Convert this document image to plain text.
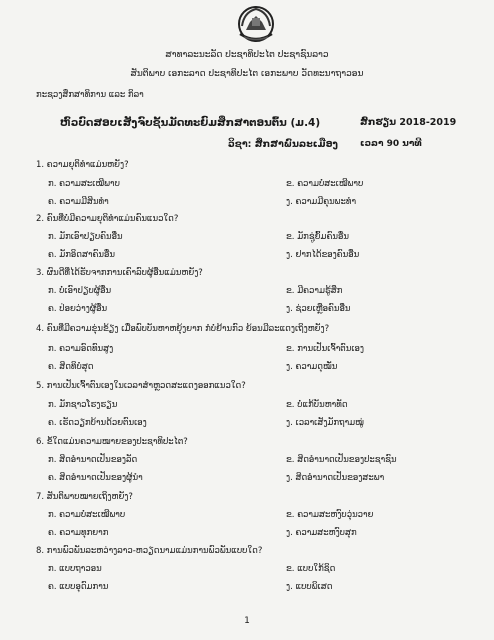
ສາທາລະນະລັດ ປະຊາທິປະໄຕ ປະຊາຊົນລາວ
ສັນຕິພາບ ເອກະລາດ ປະຊາທິປະໄຕ ເອກະພາບ ວັດທະນາຖາວອນ
ກະຊວງສຶກສາທິການ ແລະ ກິລາ
ຫົວບົດສອບເສັງຈົບຊັ້ນມັດທະຍົມສຶກສາຕອນຕົ້ນ (ມ.4)	ສົກຮຽນ 2018-2019
ວິຊາ: ສຶກສາພົນລະເມືອງ ເວລາ 90 ນາທີ
1. ຄວາມຍຸຕິທຳແມ່ນຫຍັງ?
ກ. ຄວາມສະເໝີພາບ	ຂ. ຄວາມບໍ່ສະເໝີພາບ
ຄ. ຄວາມມີສິນທຳ	ງ. ຄວາມມີຄຸນພະທຳ
2. ຄົນທີ່ບໍ່ມີຄວາມຍຸຕິທຳແມ່ນຄົນແນວໃດ?
ກ. ມັກເອົາປຽບຄົນອື່ນ	ຂ. ມັກຊູ່ຍົ້ມຄົນອື່ນ
ຄ. ມັກອິດສາຄົນອື່ນ	ງ. ຢາກໄດ້ຂອງຄົນອື່ນ
3. ຜົນດີທີ່ໄດ້ຮັບຈາກການເຄົາລົບຜູ້ອື່ນແມ່ນຫຍັງ?
ກ. ບໍ່ເອົາປຽບຜູ້ອື່ນ	ຂ. ມີຄວາມຮູ້ສຶກ
ຄ. ປ່ອຍວ່າງຜູ້ອື່ນ	ງ. ຊ່ວຍເຫຼືອຄົນອື່ນ
4. ຄົນທີ່ມີຄວາມຂຸ່ນຂ້ຽງ ເມື່ອພົບບັນຫາຫຍຸ້ງຍາກ ກໍບໍ່ຢ້ານກົວ ຍ້ອນມີລະແດງເຖິງຫຍັງ?
ກ. ຄວາມອົດທົນສູງ	ຂ. ການເປັນເຈົ້າຕົນເອງ
ຄ. ສິດທິບໍ່ສຸດ	ງ. ຄວາມດຸໝັ່ນ
5. ການເປັນເຈົ້າຕົນເອງໃນເວລາສຳຫຼວດສະແດງອອກແນວໃດ?
ກ. ມັກຊາວໂຮງຮຽນ	ຂ. ບໍ່ແກ້ບັນຫາທັດ
ຄ. ເຮັດວຽກບ້ານດ້ວຍຕົນເອງ	ງ. ເວລາເສັງມັກຖາມໝູ່
6. ຂໍ້ໃດແມ່ນຄວາມໝາຍຂອງປະຊາທິປະໄຕ?
ກ. ສິດອຳນາດເປັນຂອງລັດ	ຂ. ສິດອຳນາດເປັນຂອງປະຊາຊົນ
ຄ. ສິດອຳນາດເປັນຂອງຜູ້ນຳ	ງ. ສິດອຳນາດເປັນຂອງສະພາ
7. ສັນຕິພາບໝາຍເຖິງຫຍັງ?
ກ. ຄວາມບໍ່ສະເໝີພາບ	ຂ. ຄວາມສະຫງົບວຸ່ນວາຍ
ຄ. ຄວາມທຸກຍາກ	ງ. ຄວາມສະຫງົບສຸກ
8. ການພົວພັນລະຫວ່າງລາວ-ຫວຽດນາມແມ່ນການພົວພັນແບບໃດ?
ກ. ແບບຖາວອນ	ຂ. ແບບໃກ້ຊິດ
ຄ. ແບບອຸດົມການ	ງ. ແບບພິເສດ
1
